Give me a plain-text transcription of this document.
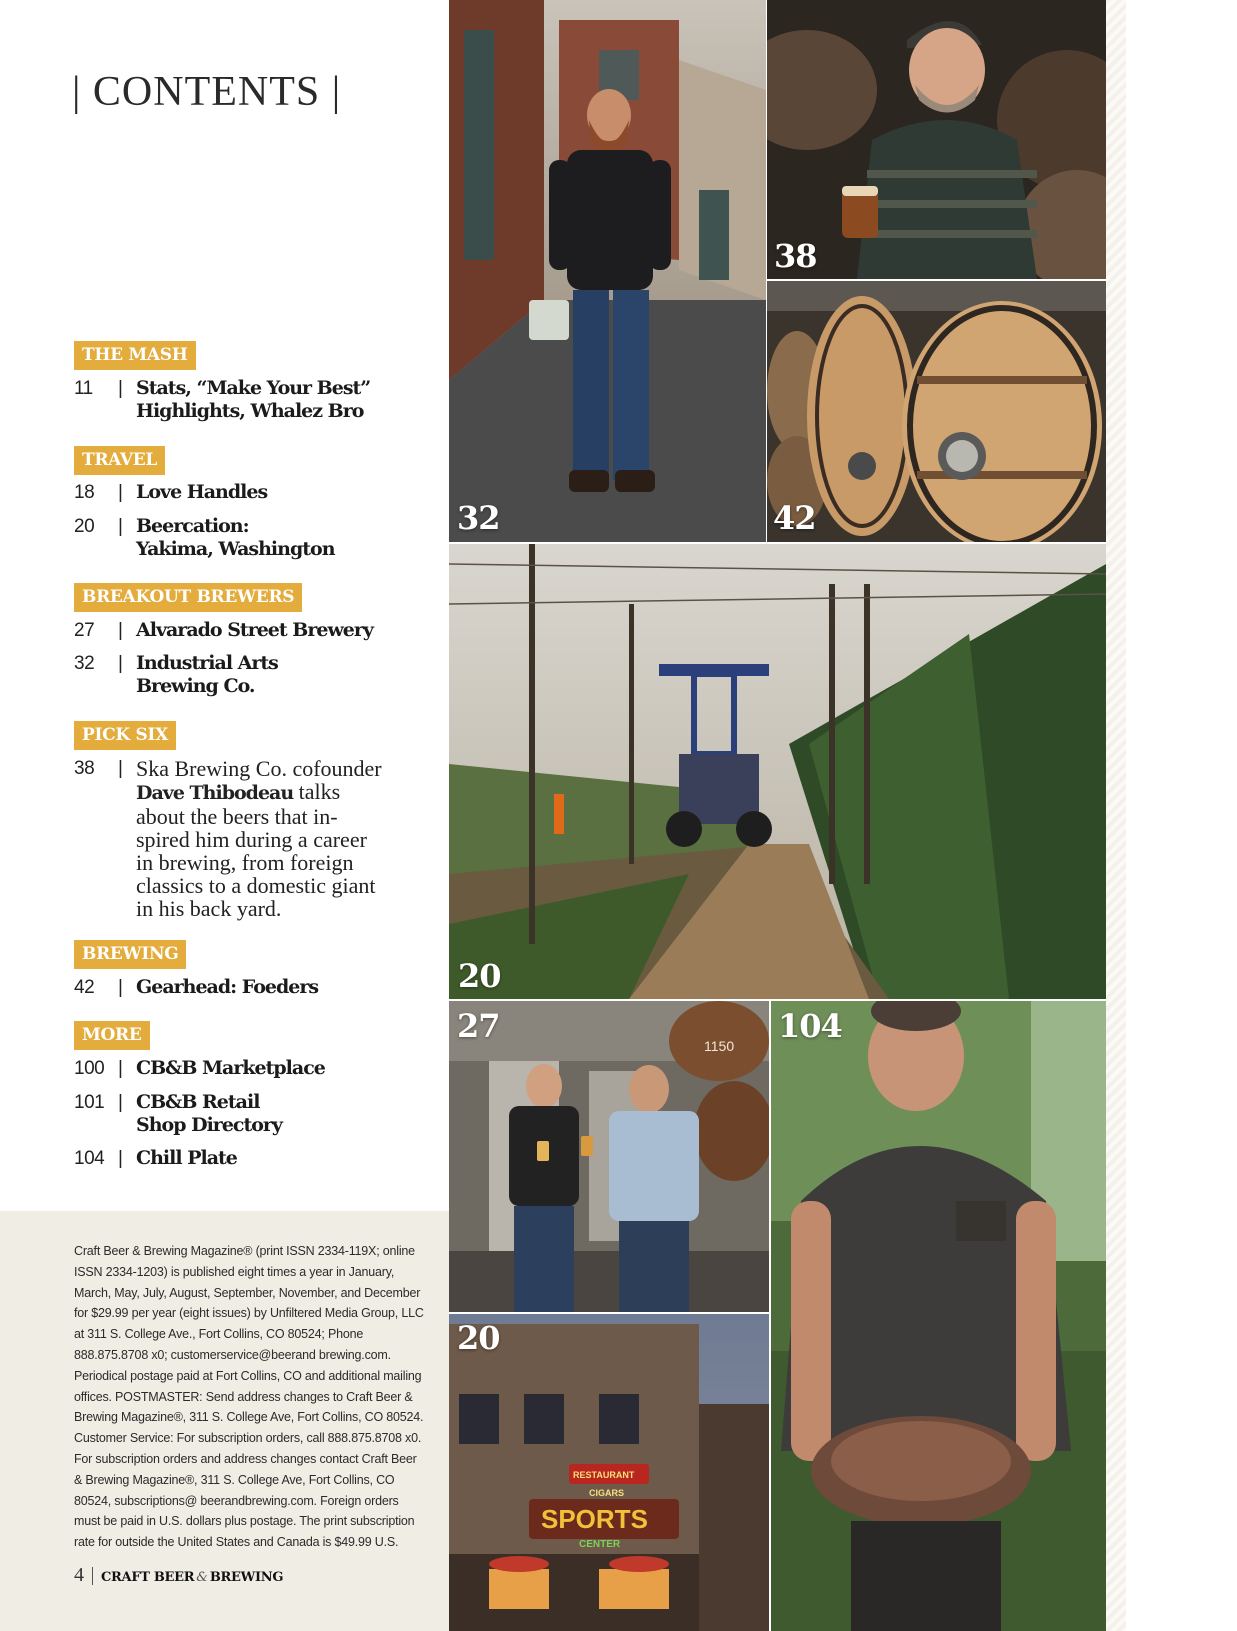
| CONTENTS |
THE MASH
11	| Stats, “Make Your Best”
Highlights, Whalez Bro
TRAVEL
18	| Love Handles
20	| Beercation:
Yakima, Washington
BREAKOUT BREWERS
27	| Alvarado Street Brewery
32	| Industrial Arts
Brewing Co.
PICK SIX
38	| Ska Brewing Co. cofounder Dave Thibodeau talks about the beers that in-spired him during a career in brewing, from foreign classics to a domestic giant in his back yard.
BREWING
42	| Gearhead: Foeders
MORE
100 | CB&B Marketplace
101 | CB&B Retail
Shop Directory
104 | Chill Plate

Craft Beer & Brewing Magazine® (print ISSN 2334-119X; online ISSN 2334-1203) is published eight times a year in January, March, May, July, August, September, November, and December for $29.99 per year (eight issues) by Unfiltered Media Group, LLC at 311 S. College Ave., Fort Collins, CO 80524; Phone 888.875.8708 x0; customerservice@beerand brewing.com. Periodical postage paid at Fort Collins, CO and additional mailing offices. POSTMASTER: Send address changes to Craft Beer & Brewing Magazine®, 311 S. College Ave, Fort Collins, CO 80524. Customer Service: For subscription orders, call 888.875.8708 x0. For subscription orders and address changes contact Craft Beer & Brewing Magazine®, 311 S. College Ave, Fort Collins, CO 80524, subscriptions@ beerandbrewing.com. Foreign orders must be paid in U.S. dollars plus postage. The print subscription rate for outside the United States and Canada is $49.99 U.S.

4 CRAFT BEER & BREWING
32
38
42
20
1150
27	104
RESTAURANT
CIGARS
SPORTS
CENTER
20
